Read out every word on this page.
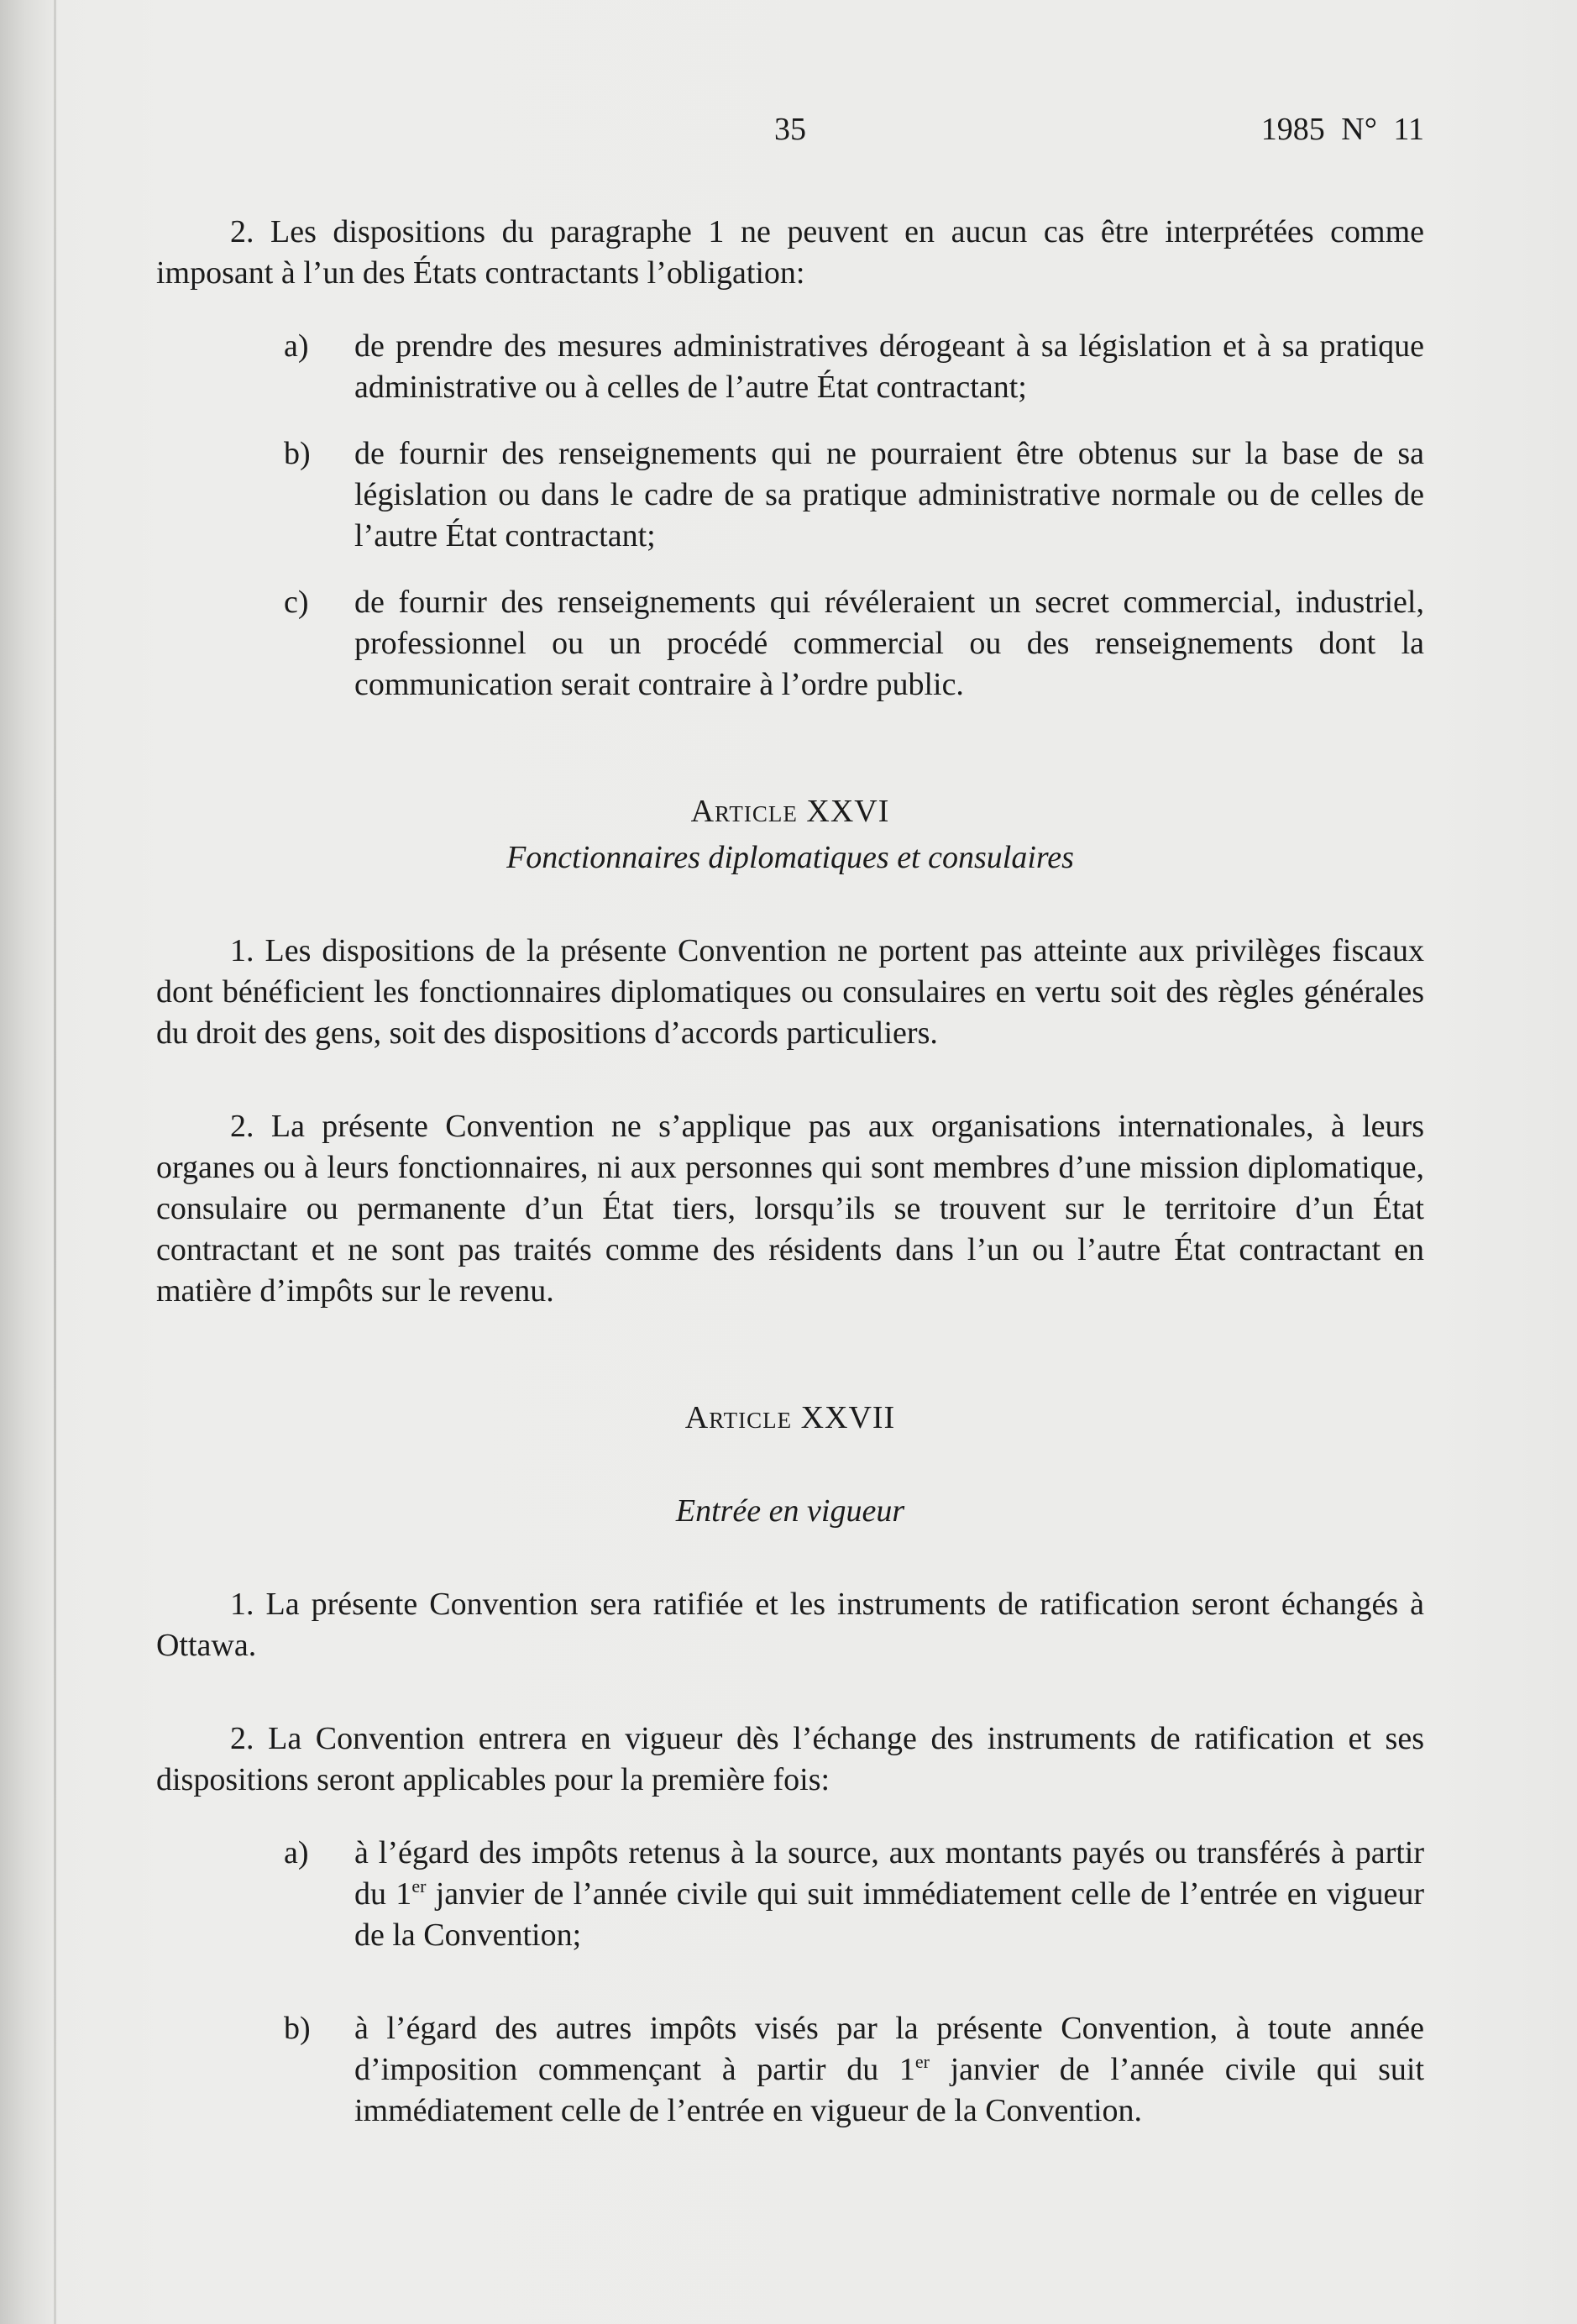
35	1985 N° 11

2. Les dispositions du paragraphe 1 ne peuvent en aucun cas être interprétées comme imposant à l’un des États contractants l’obligation:

a) de prendre des mesures administratives dérogeant à sa législation et à sa pratique administrative ou à celles de l’autre État contractant;
b) de fournir des renseignements qui ne pourraient être obtenus sur la base de sa législation ou dans le cadre de sa pratique administrative normale ou de celles de l’autre État contractant;
c) de fournir des renseignements qui révéleraient un secret commercial, industriel, professionnel ou un procédé commercial ou des renseignements dont la communication serait contraire à l’ordre public.

Article XXVI

Fonctionnaires diplomatiques et consulaires

1. Les dispositions de la présente Convention ne portent pas atteinte aux privilèges fiscaux dont bénéficient les fonctionnaires diplomatiques ou consulaires en vertu soit des règles générales du droit des gens, soit des dispositions d’accords particuliers.

2. La présente Convention ne s’applique pas aux organisations internationales, à leurs organes ou à leurs fonctionnaires, ni aux personnes qui sont membres d’une mission diplomatique, consulaire ou permanente d’un État tiers, lorsqu’ils se trouvent sur le territoire d’un État contractant et ne sont pas traités comme des résidents dans l’un ou l’autre État contractant en matière d’impôts sur le revenu.

Article XXVII

Entrée en vigueur

1. La présente Convention sera ratifiée et les instruments de ratification seront échangés à Ottawa.

2. La Convention entrera en vigueur dès l’échange des instruments de ratification et ses dispositions seront applicables pour la première fois:

a) à l’égard des impôts retenus à la source, aux montants payés ou transférés à partir du 1er janvier de l’année civile qui suit immédiatement celle de l’entrée en vigueur de la Convention;
b) à l’égard des autres impôts visés par la présente Convention, à toute année d’imposition commençant à partir du 1er janvier de l’année civile qui suit immédiatement celle de l’entrée en vigueur de la Convention.
